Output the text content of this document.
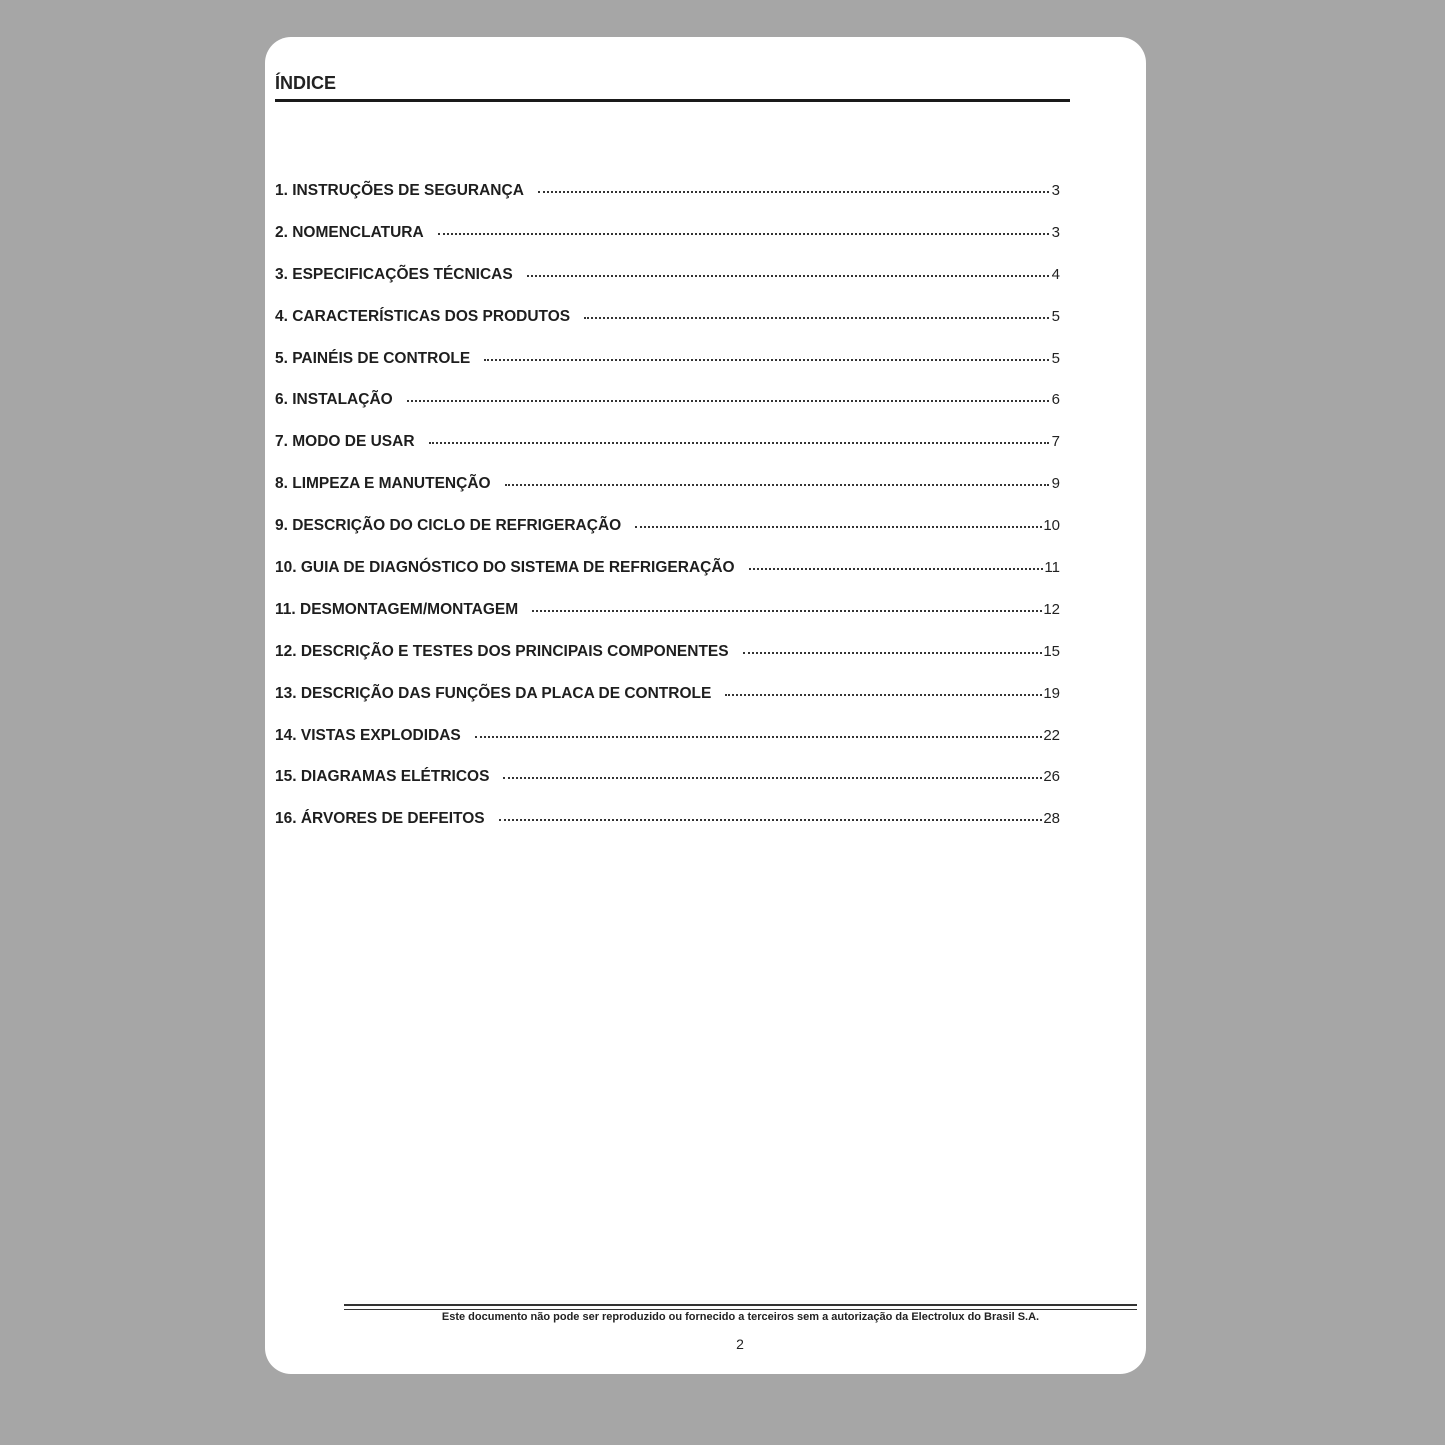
ÍNDICE
1. INSTRUÇÕES DE SEGURANÇA	3
2. NOMENCLATURA	3
3. ESPECIFICAÇÕES TÉCNICAS	4
4. CARACTERÍSTICAS DOS PRODUTOS	5
5. PAINÉIS DE CONTROLE	5
6. INSTALAÇÃO	6
7. MODO DE USAR	7
8. LIMPEZA E MANUTENÇÃO	9
9. DESCRIÇÃO DO CICLO DE REFRIGERAÇÃO	10
10. GUIA DE DIAGNÓSTICO DO SISTEMA DE REFRIGERAÇÃO	11
11. DESMONTAGEM/MONTAGEM	12
12. DESCRIÇÃO E TESTES DOS PRINCIPAIS COMPONENTES	15
13. DESCRIÇÃO DAS FUNÇÕES DA PLACA DE CONTROLE	19
14. VISTAS EXPLODIDAS	22
15. DIAGRAMAS ELÉTRICOS	26
16. ÁRVORES DE DEFEITOS	28
Este documento não pode ser reproduzido ou fornecido a terceiros sem a autorização da Electrolux do Brasil S.A.
2
